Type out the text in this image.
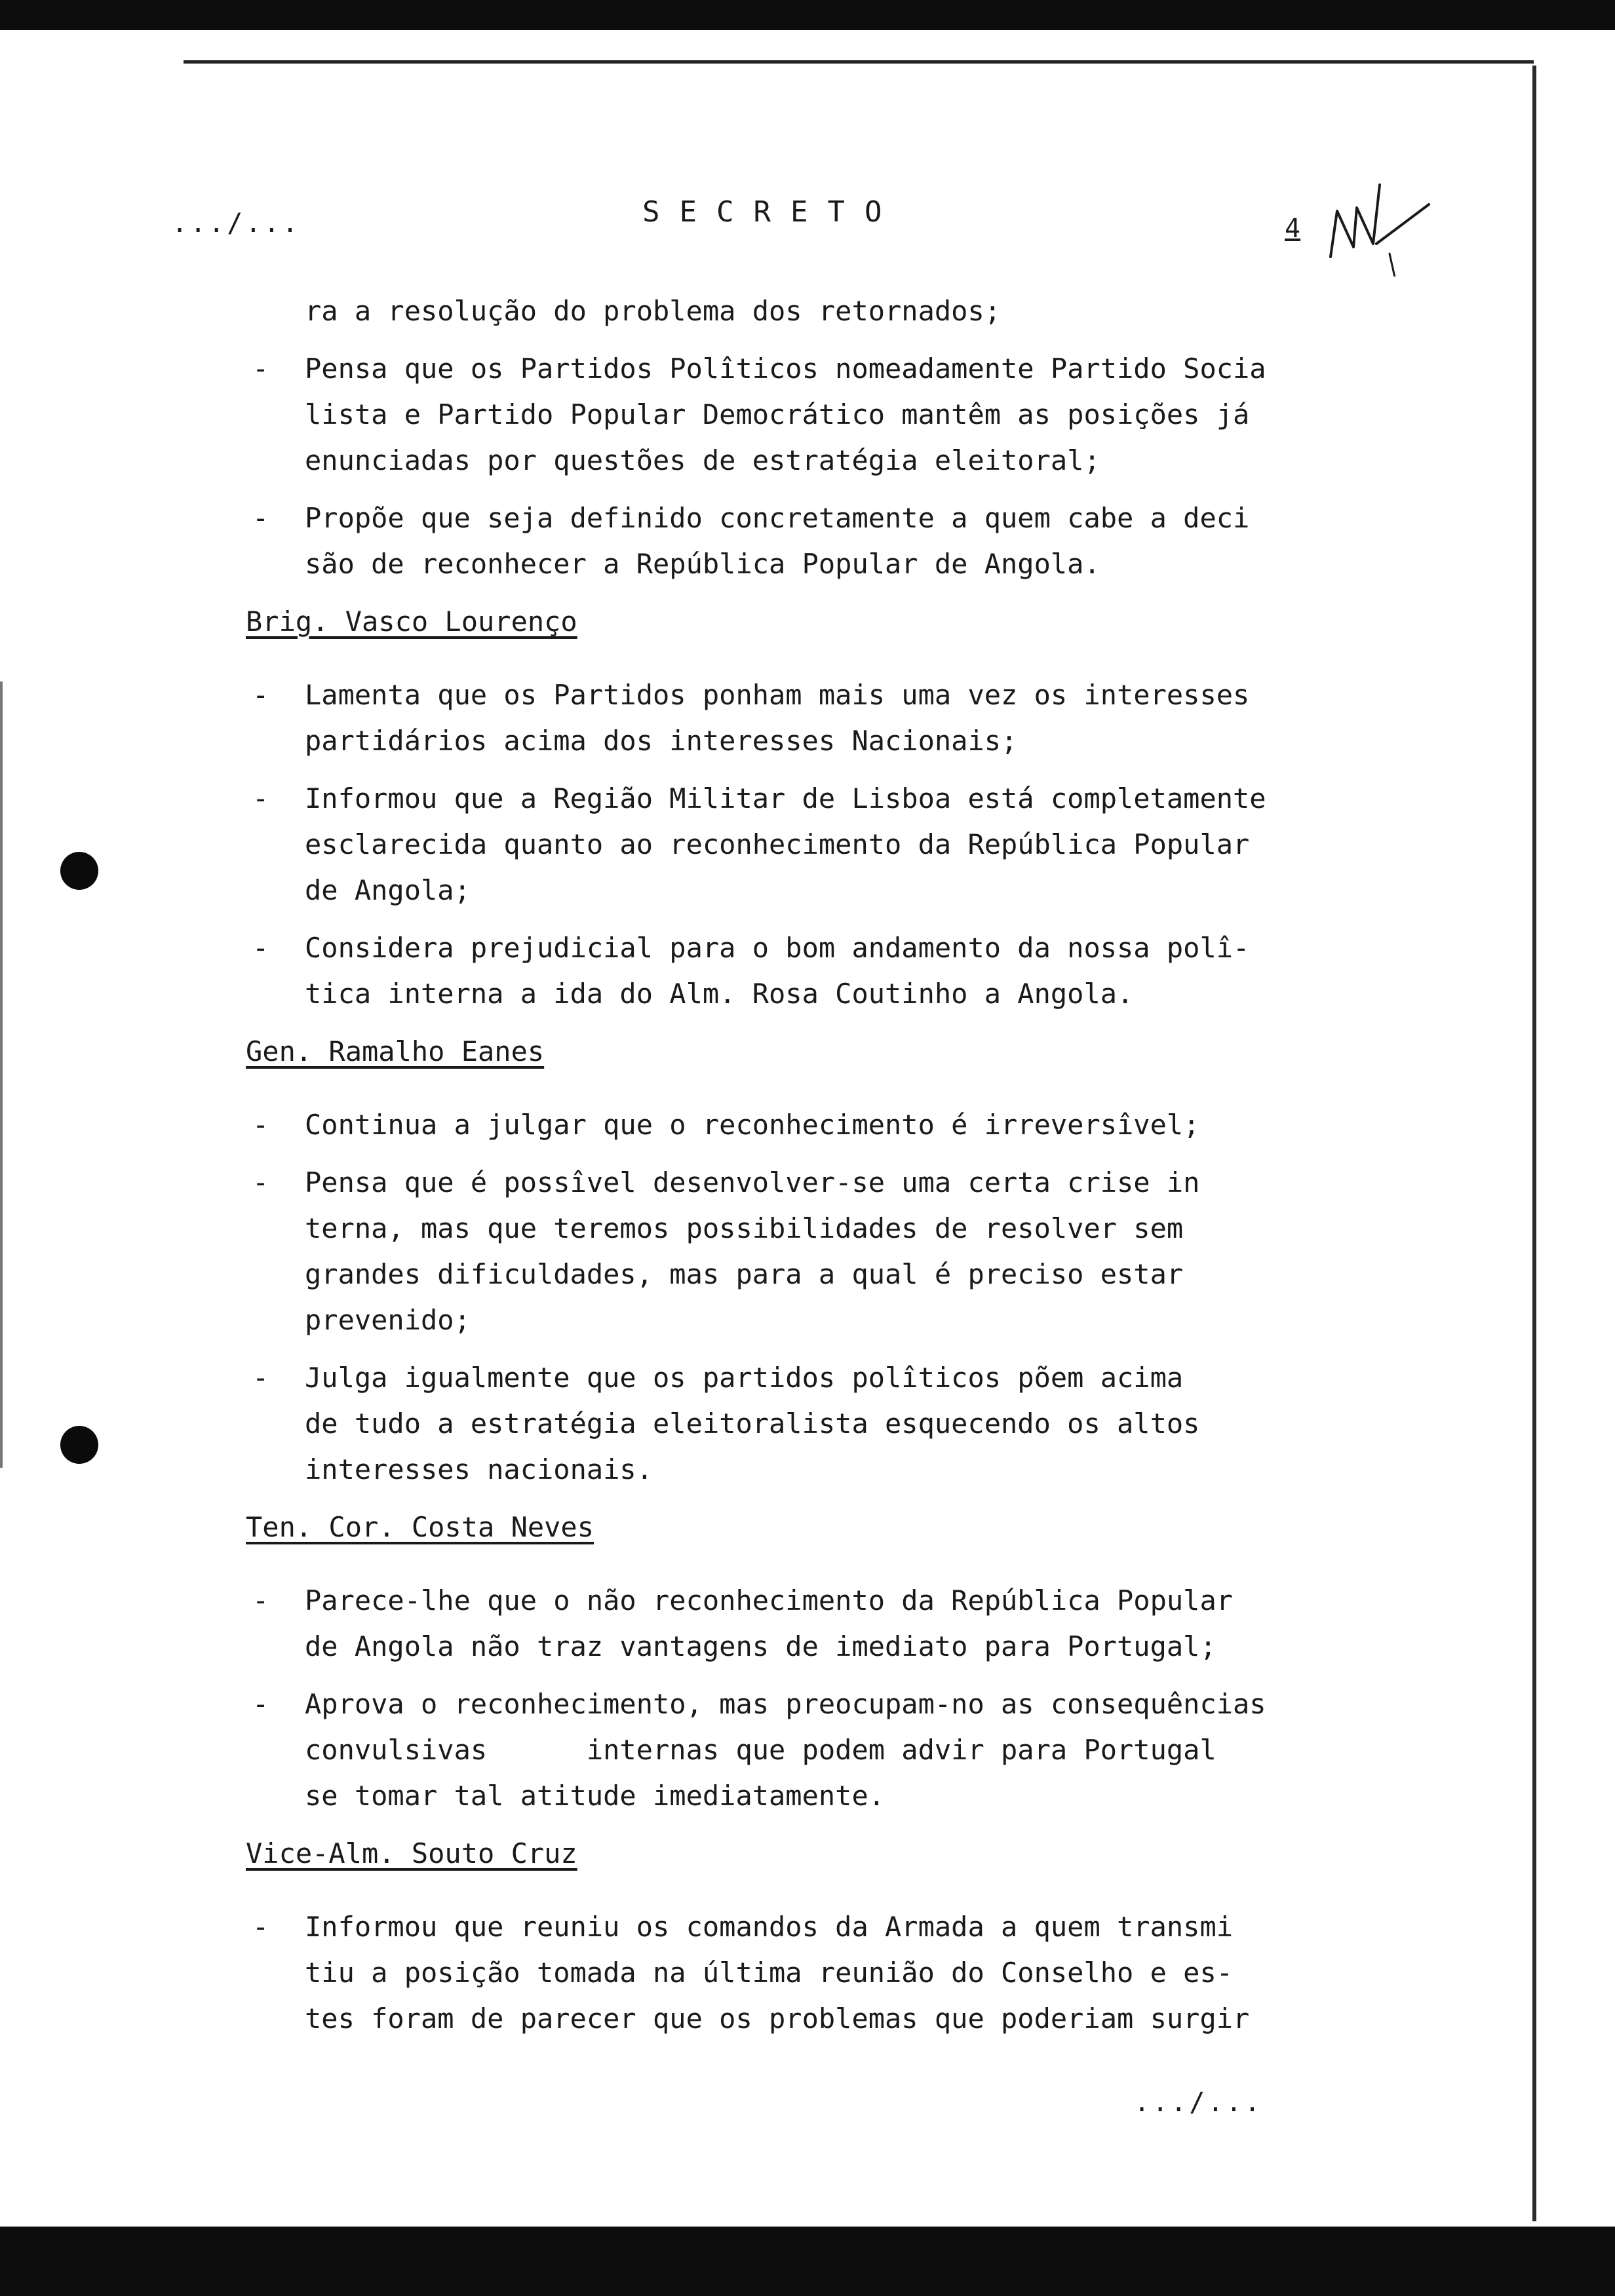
.../...	SECRETO	4
ra a resolução do problema dos retornados;
- Pensa que os Partidos Polîticos nomeadamente Partido Socia
lista e Partido Popular Democrático mantêm as posições já
enunciadas por questões de estratégia eleitoral;
- Propõe que seja definido concretamente a quem cabe a deci
são de reconhecer a República Popular de Angola.
Brig. Vasco Lourenço
- Lamenta que os Partidos ponham mais uma vez os interesses
partidários acima dos interesses Nacionais;
- Informou que a Região Militar de Lisboa está completamente
esclarecida quanto ao reconhecimento da República Popular
de Angola;
- Considera prejudicial para o bom andamento da nossa polî-
tica interna a ida do Alm. Rosa Coutinho a Angola.
Gen. Ramalho Eanes
- Continua a julgar que o reconhecimento é irreversîvel;
- Pensa que é possîvel desenvolver-se uma certa crise in
terna, mas que teremos possibilidades de resolver sem
grandes dificuldades, mas para a qual é preciso estar
prevenido;
- Julga igualmente que os partidos polîticos põem acima
de tudo a estratégia eleitoralista esquecendo os altos
interesses nacionais.
Ten. Cor. Costa Neves
- Parece-lhe que o não reconhecimento da República Popular
de Angola não traz vantagens de imediato para Portugal;
- Aprova o reconhecimento, mas preocupam-no as consequências
convulsivas      internas que podem advir para Portugal
se tomar tal atitude imediatamente.
Vice-Alm. Souto Cruz
- Informou que reuniu os comandos da Armada a quem transmi
tiu a posição tomada na última reunião do Conselho e es-
tes foram de parecer que os problemas que poderiam surgir
.../...
